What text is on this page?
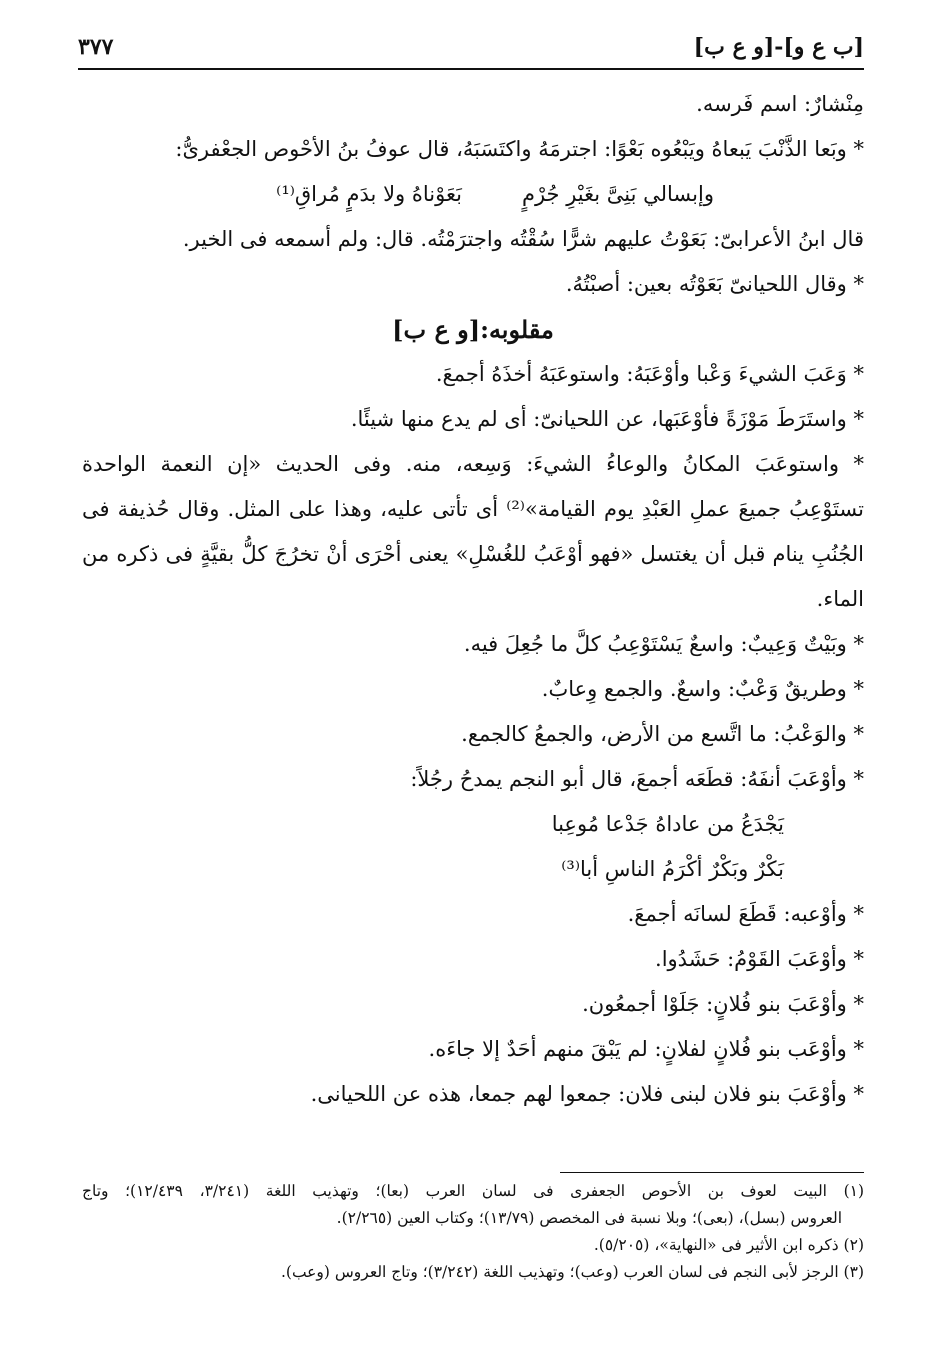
[ب ع و]-[و ع ب]
٣٧٧
مِنْشارٌ: اسم فَرسه.
* وبَعا الذَّنْبَ يَبعاهُ ويَبْعُوه بَعْوًا: اجترمَهُ واكتَسَبَهُ، قال عوفُ بنُ الأحْوص الجعْفرىُّ:
وإبسالي بَنِىَّ بغَيْرِ جُرْمٍ
بَعَوْناهُ ولا بدَمٍ مُراقِ⁽¹⁾
قال ابنُ الأعرابىّ: بَعَوْتُ عليهم شرًّا سُقْتُه واجترَمْتُه. قال: ولم أسمعه فى الخير.
* وقال اللحيانىّ بَعَوْتُه بعين: أصبْتُهُ.
مقلوبه:[و ع ب]
* وَعَبَ الشيءَ وَعْبا وأوْعَبَهُ: واستوعَبَهُ أخذَهُ أجمعَ.
* واستَرَطَ مَوْزَةً فأوْعَبَها، عن اللحيانىّ: أى لم يدع منها شيئًا.
* واستوعَبَ المكانُ والوعاءُ الشيءَ: وَسِعه، منه. وفى الحديث «إن النعمة الواحدة
تستَوْعِبُ جميعَ عملِ العَبْدِ يوم القيامة»⁽²⁾ أى تأتى عليه، وهذا على المثل. وقال حُذيفة فى
الجُنُبِ ينام قبل أن يغتسل «فهو أوْعَبُ للغُسْلِ» يعنى أحْرَى أنْ تخرُجَ كلُّ بقيَّةٍ فى ذكره من
الماء.
* وبَيْتٌ وَعِيبٌ: واسعٌ يَسْتَوْعِبُ كلَّ ما جُعِلَ فيه.
* وطريقٌ وَعْبٌ: واسعٌ. والجمع وِعابٌ.
* والوَعْبُ: ما اتَّسع من الأرض، والجمعُ كالجمع.
* وأوْعَبَ أنفَهُ: قطَعَه أجمعَ، قال أبو النجم يمدحُ رجُلاً:
يَجْدَعُ من عاداهُ جَدْعا مُوعِبا
بَكْرٌ وبَكْرٌ أكْرَمُ الناسِ أبا⁽³⁾
* وأوْعبه: قَطَعَ لسانَه أجمعَ.
* وأوْعَبَ القَوْمُ: حَشَدُوا.
* وأوْعَبَ بنو فُلانٍ: جَلَوْا أجمعُون.
* وأوْعَب بنو فُلانٍ لفلانٍ: لم يَبْقَ منهم أحَدٌ إلا جاءَه.
* وأوْعَبَ بنو فلان لبنى فلان: جمعوا لهم جمعا، هذه عن اللحيانى.
(١) البيت لعوف بن الأحوص الجعفرى فى لسان العرب (بعا)؛ وتهذيب اللغة (٣/٢٤١، ١٢/٤٣٩)؛ وتاج
العروس (بسل)، (بعى)؛ وبلا نسبة فى المخصص (١٣/٧٩)؛ وكتاب العين (٢/٢٦٥).
(٢) ذكره ابن الأثير فى «النهاية»، (٥/٢٠٥).
(٣) الرجز لأبى النجم فى لسان العرب (وعب)؛ وتهذيب اللغة (٣/٢٤٢)؛ وتاج العروس (وعب).
